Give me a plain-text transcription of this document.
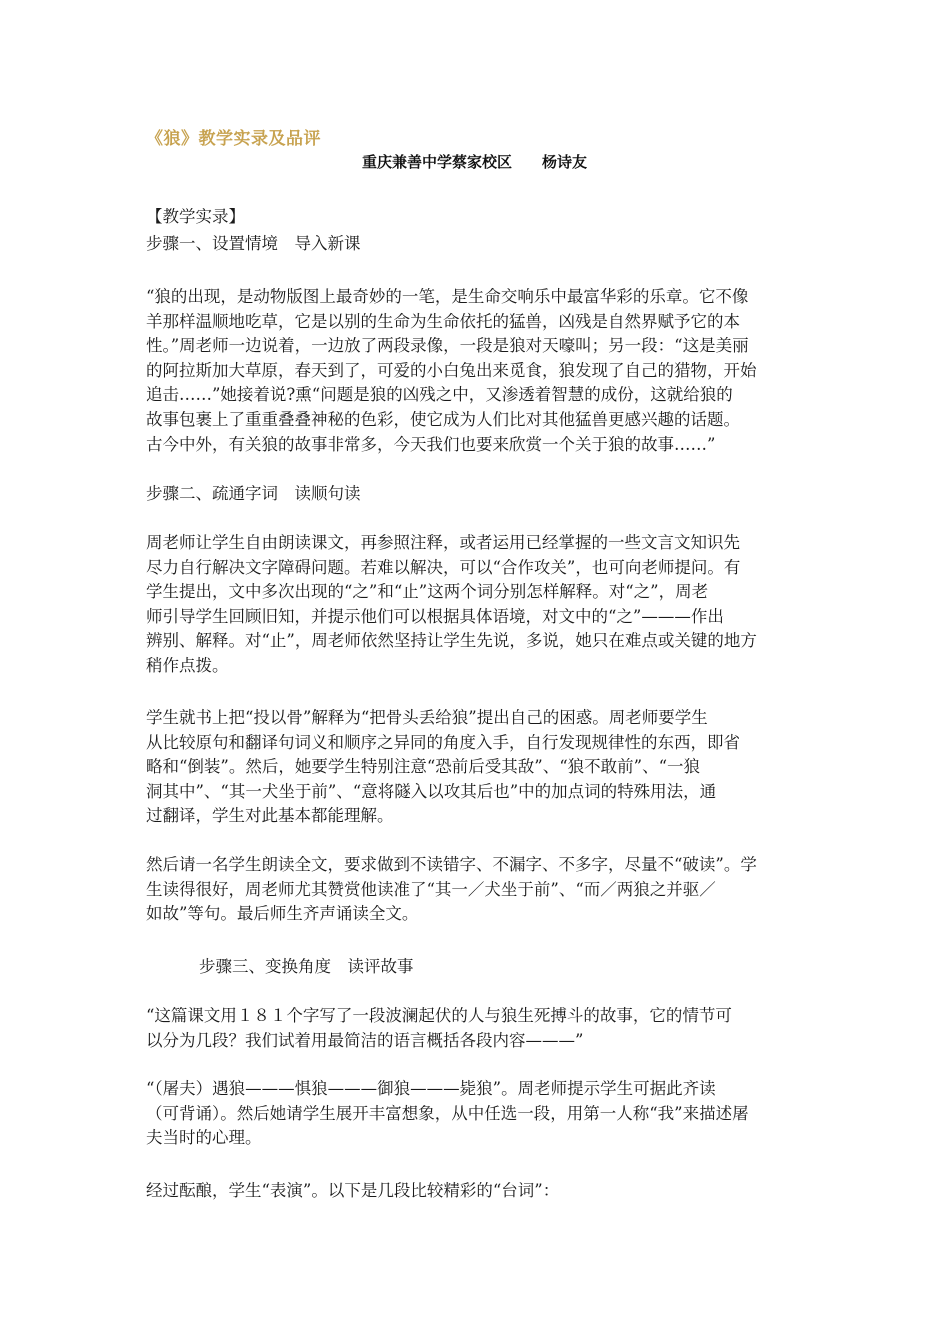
《狼》教学实录及品评
重庆兼善中学蔡家校区　　杨诗友
【教学实录】
步骤一、设置情境　导入新课
“狼的出现，是动物版图上最奇妙的一笔，是生命交响乐中最富华彩的乐章。它不像
羊那样温顺地吃草，它是以别的生命为生命依托的猛兽，凶残是自然界赋予它的本
性。”周老师一边说着，一边放了两段录像，一段是狼对天嚎叫；另一段：“这是美丽
的阿拉斯加大草原，春天到了，可爱的小白兔出来觅食，狼发现了自己的猎物，开始
追击……”她接着说?熏“问题是狼的凶残之中，又渗透着智慧的成份，这就给狼的
故事包裹上了重重叠叠神秘的色彩，使它成为人们比对其他猛兽更感兴趣的话题。
古今中外，有关狼的故事非常多，今天我们也要来欣赏一个关于狼的故事……”
步骤二、疏通字词　读顺句读
周老师让学生自由朗读课文，再参照注释，或者运用已经掌握的一些文言文知识先
尽力自行解决文字障碍问题。若难以解决，可以“合作攻关”，也可向老师提问。有
学生提出，文中多次出现的“之”和“止”这两个词分别怎样解释。对“之”，周老
师引导学生回顾旧知，并提示他们可以根据具体语境，对文中的“之”———作出
辨别、解释。对“止”，周老师依然坚持让学生先说，多说，她只在难点或关键的地方
稍作点拨。
学生就书上把“投以骨”解释为“把骨头丢给狼”提出自己的困惑。周老师要学生
从比较原句和翻译句词义和顺序之异同的角度入手，自行发现规律性的东西，即省
略和“倒装”。然后，她要学生特别注意“恐前后受其敌”、“狼不敢前”、“一狼
洞其中”、“其一犬坐于前”、“意将隧入以攻其后也”中的加点词的特殊用法，通
过翻译，学生对此基本都能理解。
然后请一名学生朗读全文，要求做到不读错字、不漏字、不多字，尽量不“破读”。学
生读得很好，周老师尤其赞赏他读准了“其一／犬坐于前”、“而／两狼之并驱／
如故”等句。最后师生齐声诵读全文。
步骤三、变换角度　读评故事
“这篇课文用１８１个字写了一段波澜起伏的人与狼生死搏斗的故事，它的情节可
以分为几段？我们试着用最简洁的语言概括各段内容———”
“（屠夫）遇狼———惧狼———御狼———毙狼”。周老师提示学生可据此齐读
（可背诵）。然后她请学生展开丰富想象，从中任选一段，用第一人称“我”来描述屠
夫当时的心理。
经过酝酿，学生“表演”。以下是几段比较精彩的“台词”：
